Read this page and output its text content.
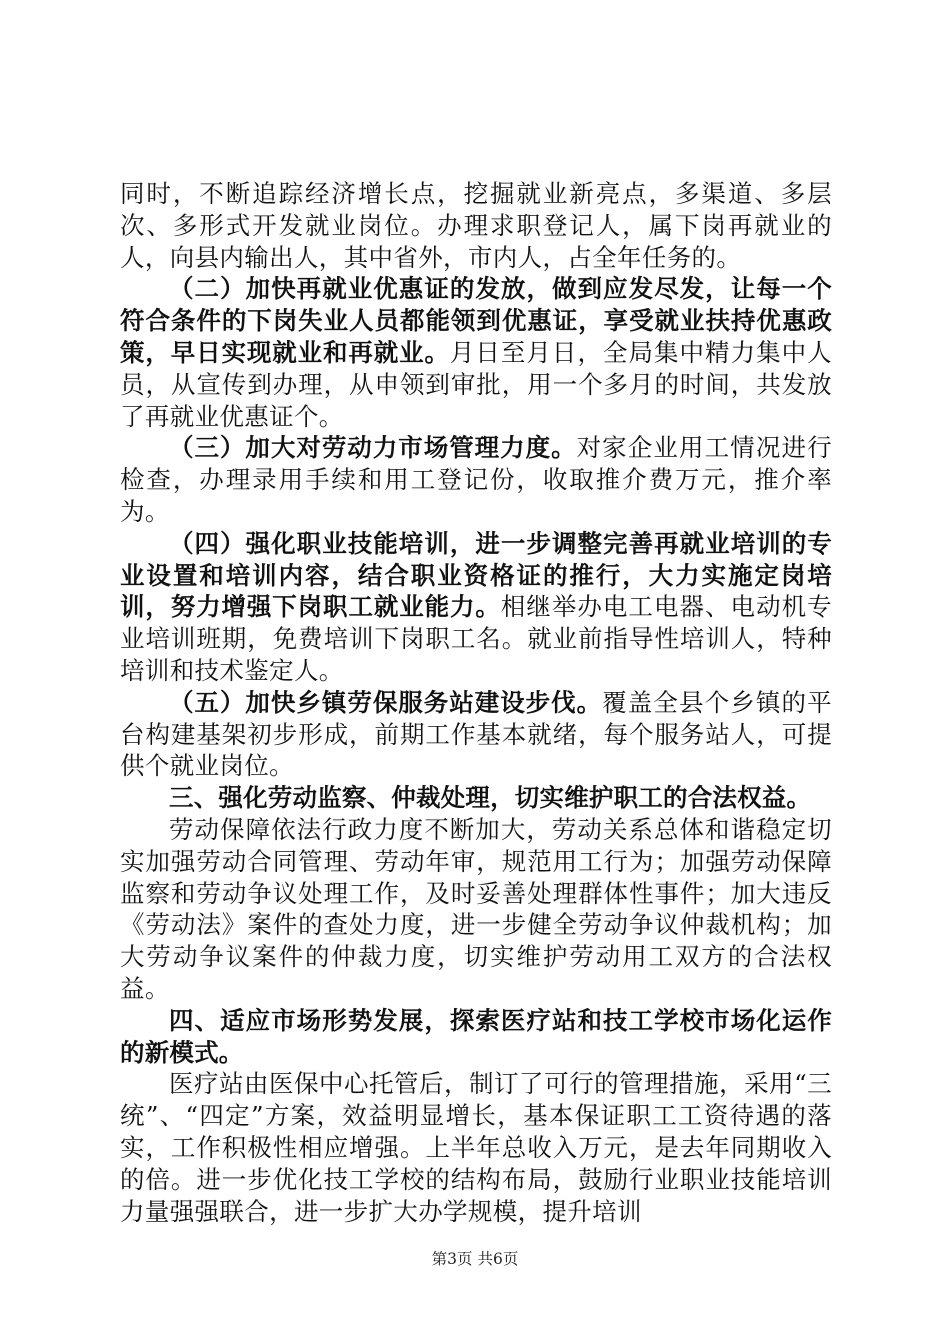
同时，不断追踪经济增长点，挖掘就业新亮点，多渠道、多层次、多形式开发就业岗位。办理求职登记人，属下岗再就业的人，向县内输出人，其中省外，市内人，占全年任务的。

（二）加快再就业优惠证的发放，做到应发尽发，让每一个符合条件的下岗失业人员都能领到优惠证，享受就业扶持优惠政策，早日实现就业和再就业。月日至月日，全局集中精力集中人员，从宣传到办理，从申领到审批，用一个多月的时间，共发放了再就业优惠证个。

（三）加大对劳动力市场管理力度。对家企业用工情况进行检查，办理录用手续和用工登记份，收取推介费万元，推介率为。

（四）强化职业技能培训，进一步调整完善再就业培训的专业设置和培训内容，结合职业资格证的推行，大力实施定岗培训，努力增强下岗职工就业能力。相继举办电工电器、电动机专业培训班期，免费培训下岗职工名。就业前指导性培训人，特种培训和技术鉴定人。

（五）加快乡镇劳保服务站建设步伐。覆盖全县个乡镇的平台构建基架初步形成，前期工作基本就绪，每个服务站人，可提供个就业岗位。

三、强化劳动监察、仲裁处理，切实维护职工的合法权益。

劳动保障依法行政力度不断加大，劳动关系总体和谐稳定切实加强劳动合同管理、劳动年审，规范用工行为；加强劳动保障监察和劳动争议处理工作，及时妥善处理群体性事件；加大违反《劳动法》案件的查处力度，进一步健全劳动争议仲裁机构；加大劳动争议案件的仲裁力度，切实维护劳动用工双方的合法权益。

四、适应市场形势发展，探索医疗站和技工学校市场化运作的新模式。

医疗站由医保中心托管后，制订了可行的管理措施，采用“三统”、“四定”方案，效益明显增长，基本保证职工工资待遇的落实，工作积极性相应增强。上半年总收入万元，是去年同期收入的倍。进一步优化技工学校的结构布局，鼓励行业职业技能培训力量强强联合，进一步扩大办学规模，提升培训

第3页 共6页
